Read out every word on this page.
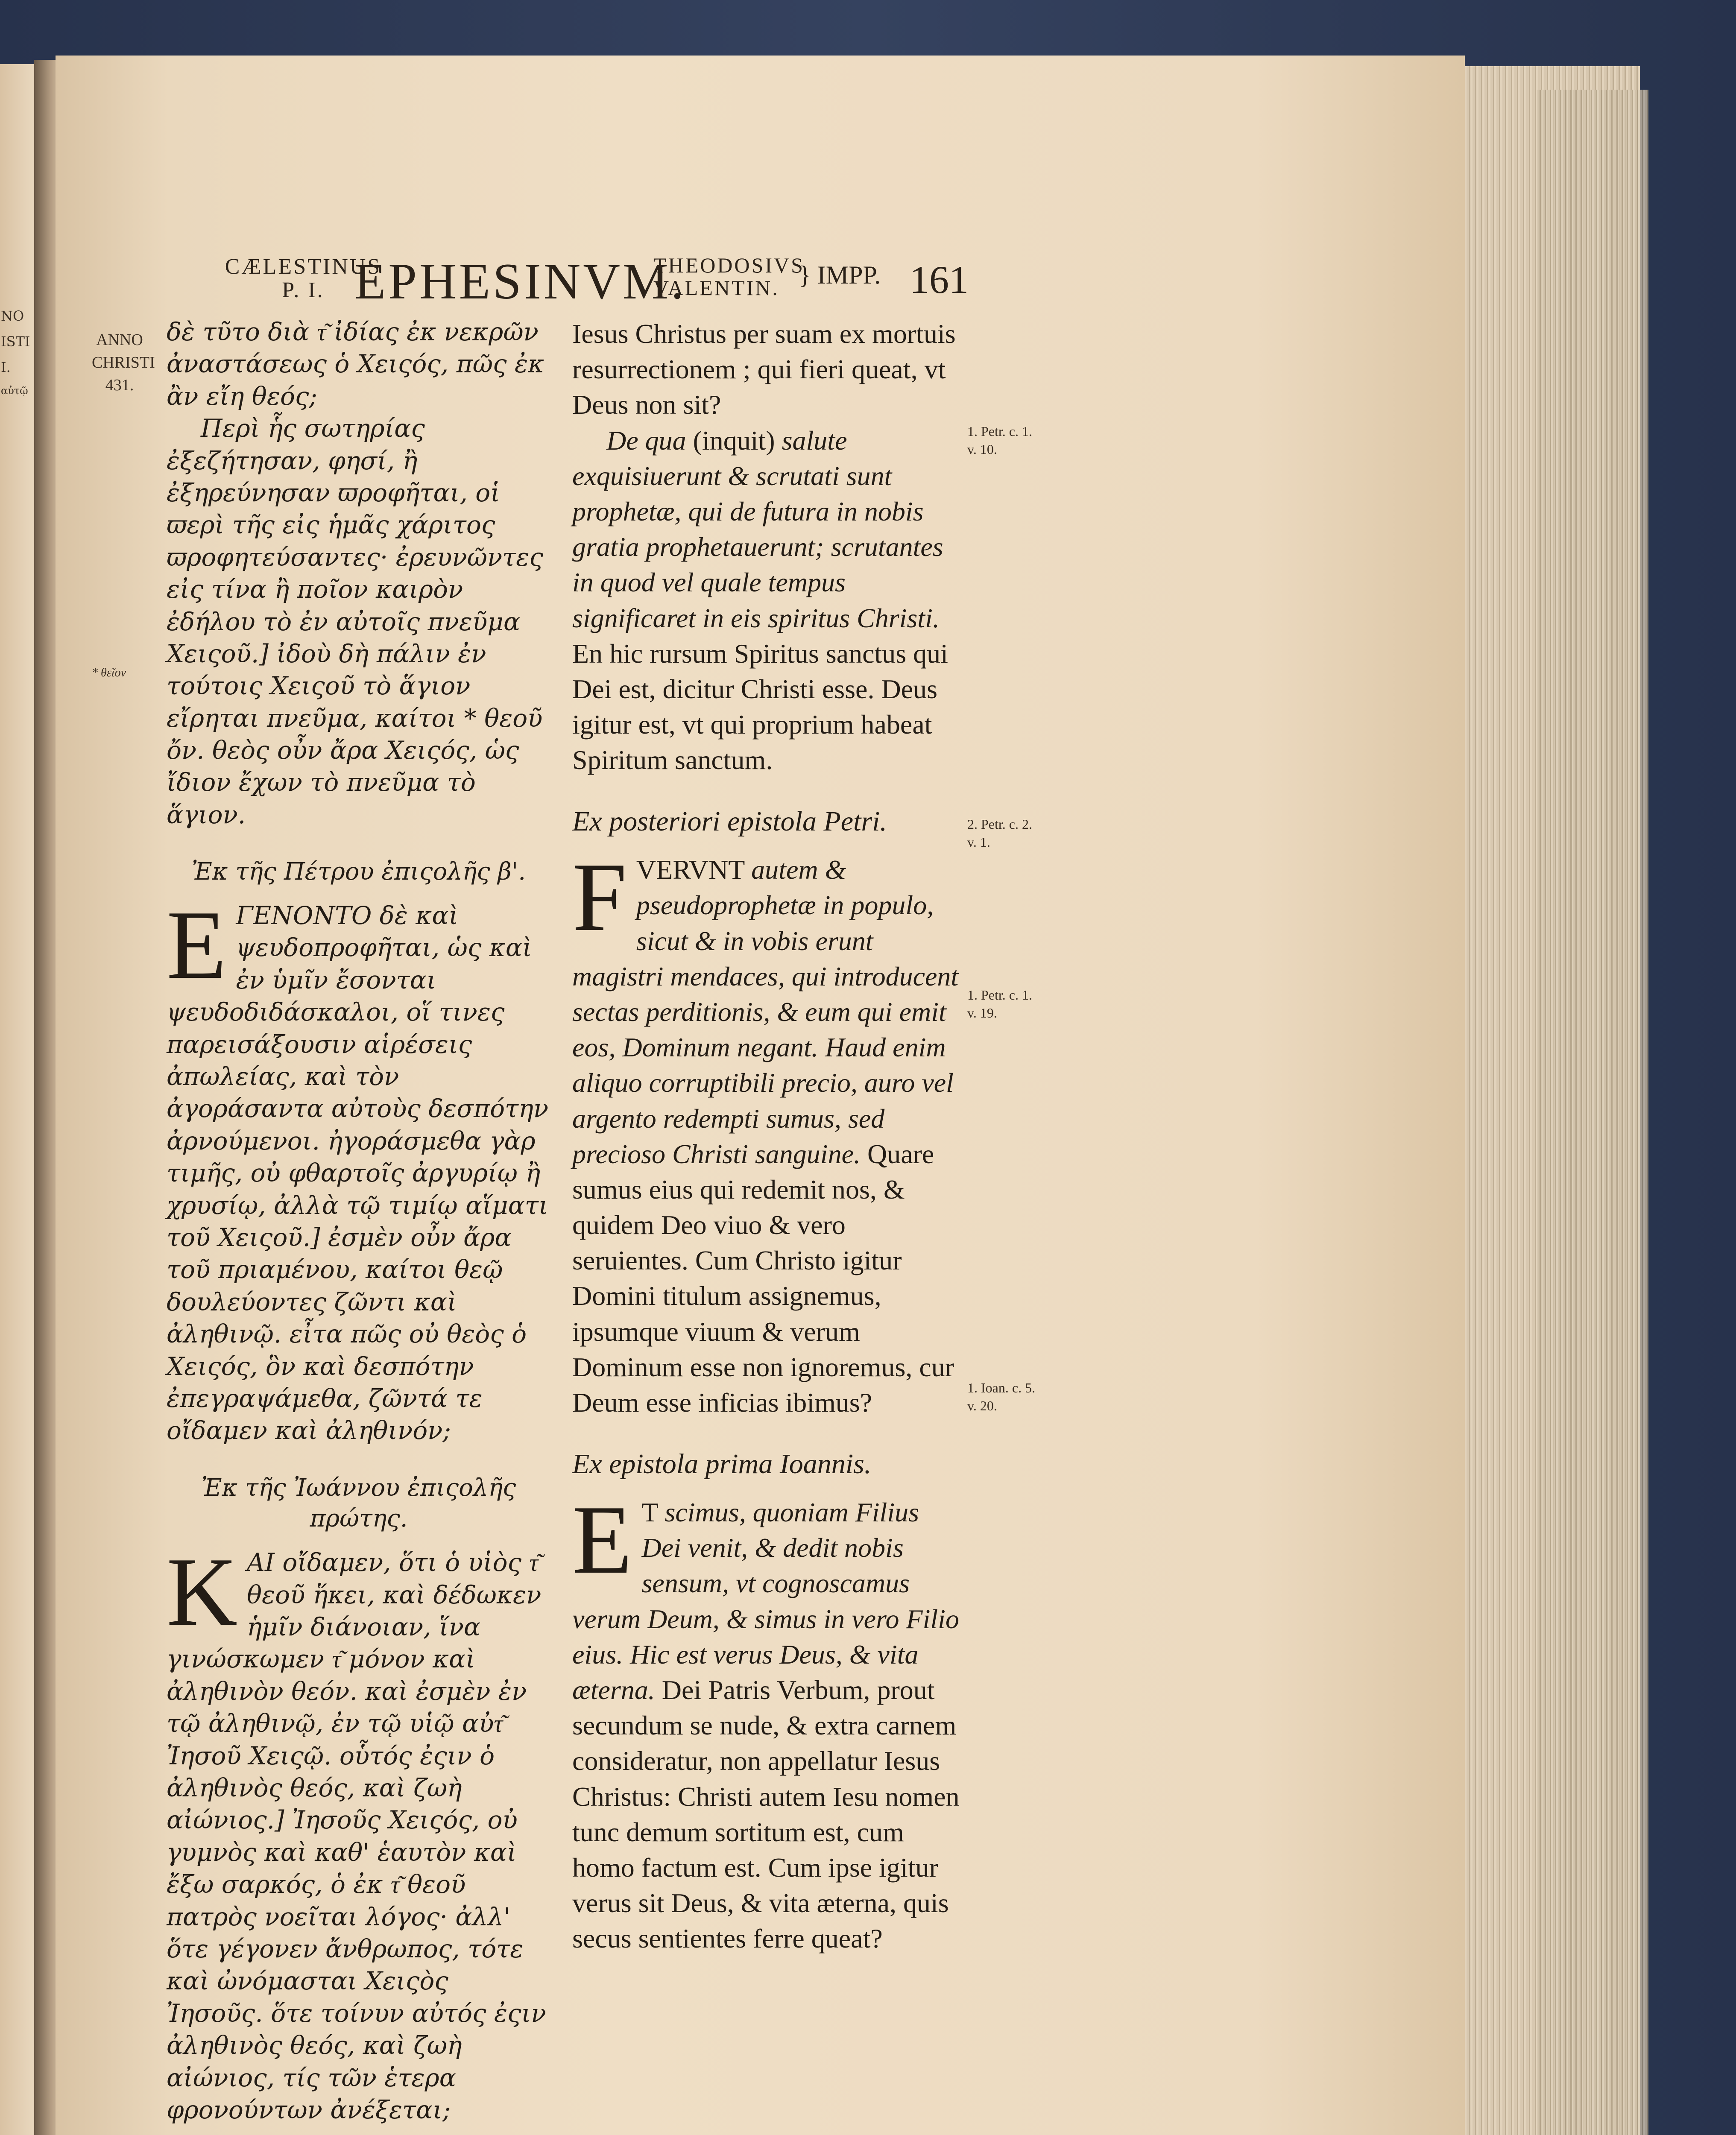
NO
ISTI
I.
αὐτῷ
CÆLESTINUS
P. I. EPHESINVM.
THEODOSIVS
VALENTIN. } IMPP. 161
ANNO
CHRISTI
431.
* θεῖον

δὲ τῦτο διὰ τ͂ ἰδίας ἐκ νεκρῶν ἀναστάσεως ὁ Χειςός, πῶς ἐκ ἂν εἴη θεός;

Περὶ ἧς σωτηρίας ἐξεζήτησαν, φησί, ἢ ἐξηρεύνησαν ϖροφῆται, οἱ ϖερὶ τῆς εἰς ἡμᾶς χάριτος ϖροφητεύσαντες· ἐρευνῶντες εἰς τίνα ἢ ποῖον καιρὸν ἐδήλου τὸ ἐν αὐτοῖς πνεῦμα Χειςοῦ.] ἰδοὺ δὴ πάλιν ἐν τούτοις Χειςοῦ τὸ ἅγιον εἴρηται πνεῦμα, καίτοι * θεοῦ ὄν. θεὸς οὖν ἄρα Χειςός, ὡς ἴδιον ἔχων τὸ πνεῦμα τὸ ἅγιον.

Ἐκ τῆς Πέτρου ἐπιςολῆς β'.

EΓΕΝΟΝΤΟ δὲ καὶ ψευδοπροφῆται, ὡς καὶ ἐν ὑμῖν ἔσονται ψευδοδιδάσκαλοι, οἵ τινες παρεισάξουσιν αἱρέσεις ἀπωλείας, καὶ τὸν ἀγοράσαντα αὐτοὺς δεσπότην ἀρνούμενοι. ἠγοράσμεθα γὰρ τιμῆς, οὐ φθαρτοῖς ἀργυρίῳ ἢ χρυσίῳ, ἀλλὰ τῷ τιμίῳ αἵματι τοῦ Χειςοῦ.] ἐσμὲν οὖν ἄρα τοῦ πριαμένου, καίτοι θεῷ δουλεύοντες ζῶντι καὶ ἀληθινῷ. εἶτα πῶς οὐ θεὸς ὁ Χειςός, ὃν καὶ δεσπότην ἐπεγραψάμεθα, ζῶντά τε οἴδαμεν καὶ ἀληθινόν;

Ἐκ τῆς Ἰωάννου ἐπιςολῆς πρώτης.

KΑΙ οἴδαμεν, ὅτι ὁ υἱὸς τ͂ θεοῦ ἥκει, καὶ δέδωκεν ἡμῖν διάνοιαν, ἵνα γινώσκωμεν τ͂ μόνον καὶ ἀληθινὸν θεόν. καὶ ἐσμὲν ἐν τῷ ἀληθινῷ, ἐν τῷ υἱῷ αὐτ͂ Ἰησοῦ Χειςῷ. οὗτός ἐςιν ὁ ἀληθινὸς θεός, καὶ ζωὴ αἰώνιος.] Ἰησοῦς Χειςός, οὐ γυμνὸς καὶ καθ' ἑαυτὸν καὶ ἔξω σαρκός, ὁ ἐκ τ͂ θεοῦ πατρὸς νοεῖται λόγος· ἀλλ' ὅτε γέγονεν ἄνθρωπος, τότε καὶ ὠνόμασται Χειςὸς Ἰησοῦς. ὅτε τοίνυν αὐτός ἐςιν ἀληθινὸς θεός, καὶ ζωὴ αἰώνιος, τίς τῶν ἑτερα φρονούντων ἀνέξεται;

Iesus Christus per suam ex mortuis resurrectionem ; qui fieri queat, vt Deus non sit?

De qua (inquit) salute exquisiuerunt & scrutati sunt prophetæ, qui de futura in nobis gratia prophetauerunt; scrutantes in quod vel quale tempus significaret in eis spiritus Christi. En hic rursum Spiritus sanctus qui Dei est, dicitur Christi esse. Deus igitur est, vt qui proprium habeat Spiritum sanctum.

Ex posteriori epistola Petri.

FVERVNT autem & pseudoprophetæ in populo, sicut & in vobis erunt magistri mendaces, qui introducent sectas perditionis, & eum qui emit eos, Dominum negant. Haud enim aliquo corruptibili precio, auro vel argento redempti sumus, sed precioso Christi sanguine. Quare sumus eius qui redemit nos, & quidem Deo viuo & vero seruientes. Cum Christo igitur Domini titulum assignemus, ipsumque viuum & verum Dominum esse non ignoremus, cur Deum esse inficias ibimus?

Ex epistola prima Ioannis.

E T scimus, quoniam Filius Dei venit, & dedit nobis sensum, vt cognoscamus verum Deum, & simus in vero Filio eius. Hic est verus Deus, & vita æterna. Dei Patris Verbum, prout secundum se nude, & extra carnem consideratur, non appellatur Iesus Christus: Christi autem Iesu nomen tunc demum sortitum est, cum homo factum est. Cum ipse igitur verus sit Deus, & vita æterna, quis secus sentientes ferre queat?

1. Petr. c. 1.
v. 10.
2. Petr. c. 2.
v. 1.
1. Petr. c. 1.
v. 19.
1. Ioan. c. 5.
v. 20.
